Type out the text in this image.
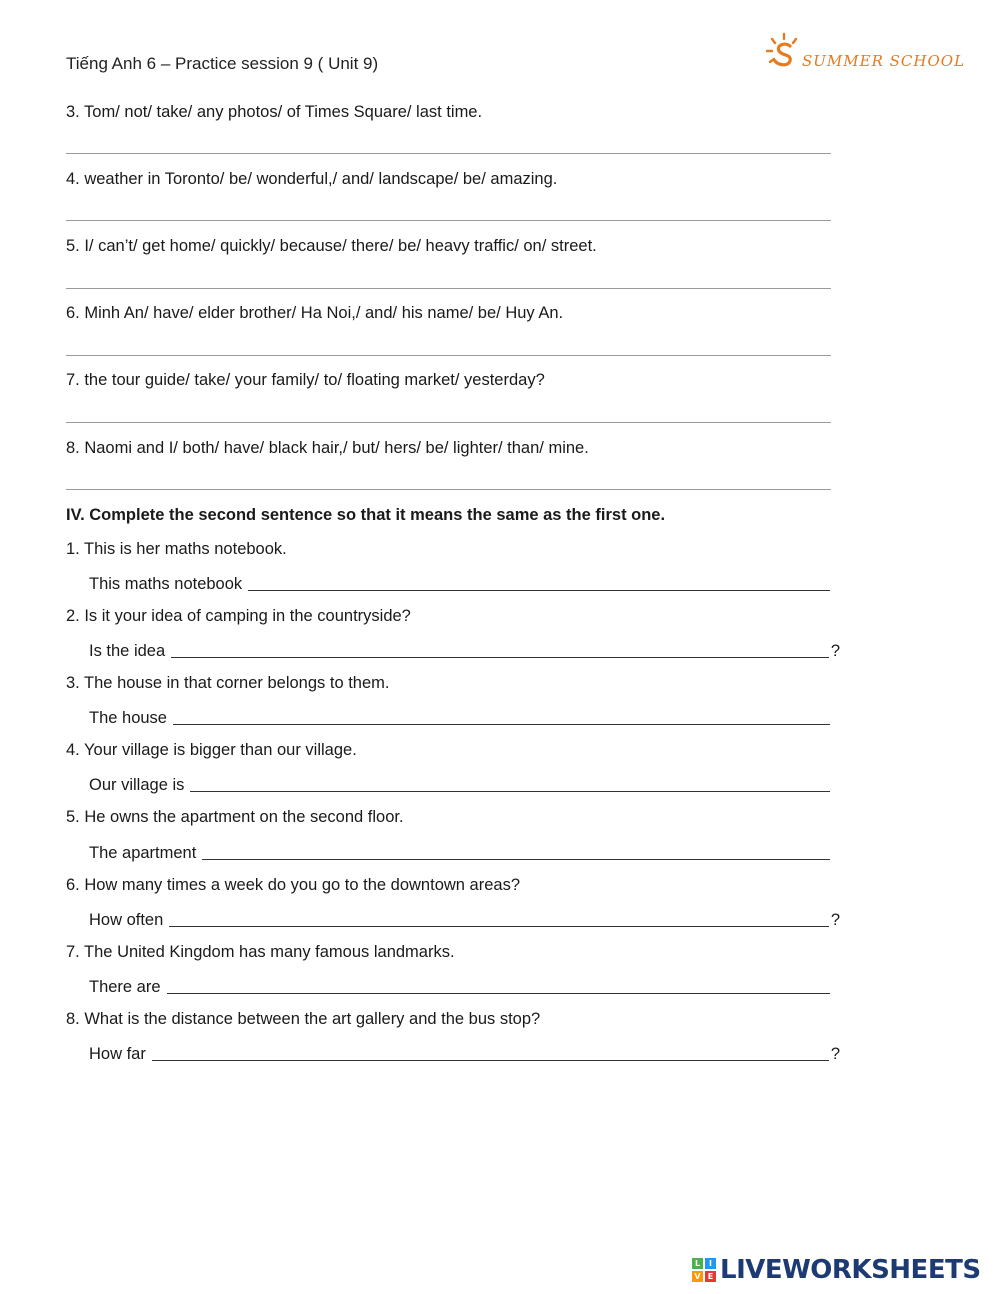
Tiếng Anh 6 – Practice session 9 ( Unit 9)	SUMMER SCHOOL
3. Tom/ not/ take/ any photos/ of Times Square/ last time.
4. weather in Toronto/ be/ wonderful,/ and/ landscape/ be/ amazing.
5. I/ can’t/ get home/ quickly/ because/ there/ be/ heavy traffic/ on/ street.
6. Minh An/ have/ elder brother/ Ha Noi,/ and/ his name/ be/ Huy An.
7. the tour guide/ take/ your family/ to/ floating market/ yesterday?
8. Naomi and I/ both/ have/ black hair,/ but/ hers/ be/ lighter/ than/ mine.
IV. Complete the second sentence so that it means the same as the first one.
1. This is her maths notebook.
This maths notebook
2. Is it your idea of camping in the countryside?
Is the idea	?
3. The house in that corner belongs to them.
The house
4. Your village is bigger than our village.
Our village is
5. He owns the apartment on the second floor.
The apartment
6. How many times a week do you go to the downtown areas?
How often	?
7. The United Kingdom has many famous landmarks.
There are
8. What is the distance between the art gallery and the bus stop?
How far	?
L	I
V E LIVEWORKSHEETS
